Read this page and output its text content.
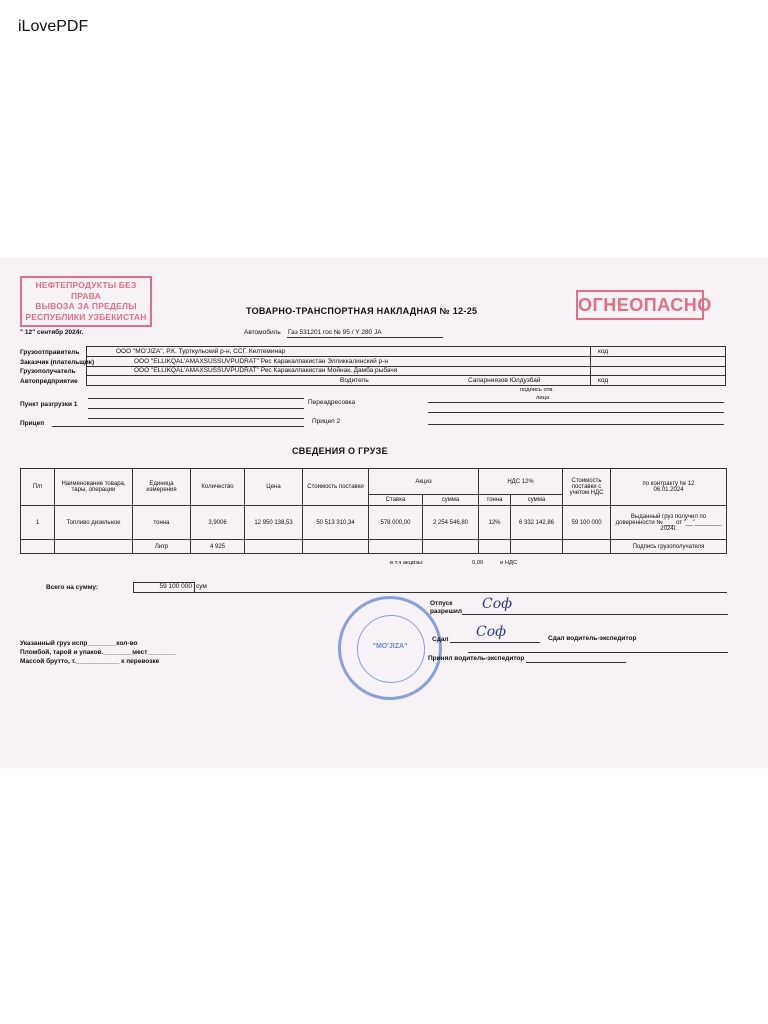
iLovePDF
НЕФТЕПРОДУКТЫ БЕЗ ПРАВА
ВЫВОЗА ЗА ПРЕДЕЛЫ
РЕСПУБЛИКИ УЗБЕКИСТАН
ОГНЕОПАСНО
ТОВАРНО-ТРАНСПОРТНАЯ НАКЛАДНАЯ № 12-25
" 12" сентябр 2024г.	Автомобиль Газ 531201 гос № 95 / Y 280 JA
Грузоотправитель	ООО "MO'JIZA", Р.К. Турткульский р-н, ССГ. Келтеминар	код
Заказчик (плательщик)	ООО "ELLIKQAL'AMAXSUSSUVPUDRAT" Рес Каракалпакистан Элликкалинский р-н
Грузополучатель	ООО "ELLIKQAL'AMAXSUSSUVPUDRAT" Рес Каракалпакистан Мойнак, Дамба рыбачя
Автопредприятие	Водитель	Сапарниязов Юлдузбай	код
подпись отв.
лица
Пункт разгрузки 1	Переадресовка
Прицеп	Прицеп 2
СВЕДЕНИЯ О ГРУЗЕ
П/п	Наименование товара, тары, операции	Единица измерения	Количество	Цена	Стоимость поставки	Акциз		НДС 12%		Стоимость поставки с учетом НДС	по контракту № 12
06.01.2024

						Ставка	сумма	тонна	сумма		
1	Топливо дизельное	тонна	3,9006	12 950 138,53	50 513 310,34	578 000,00	2 254 546,80	12%	6 332 142,86	59 100 000	Выданный груз получил по доверенности № ___ от "__"________ 2024г.
		Литр	4 925								Подпись грузополучателя
в т.ч акцизы:	0,00	и НДС
Всего на сумму:	59 100 000 сум
"MO'JIZA"
Отпуск
разрешил Coф
Сдал Coф	Сдал водитель-экспедитор
Принял водитель-экспедитор
Указанный груз испр________кол-во
Пломбой, тарой и упаков.________мест________
Массой брутто, т.____________ к перевозке
